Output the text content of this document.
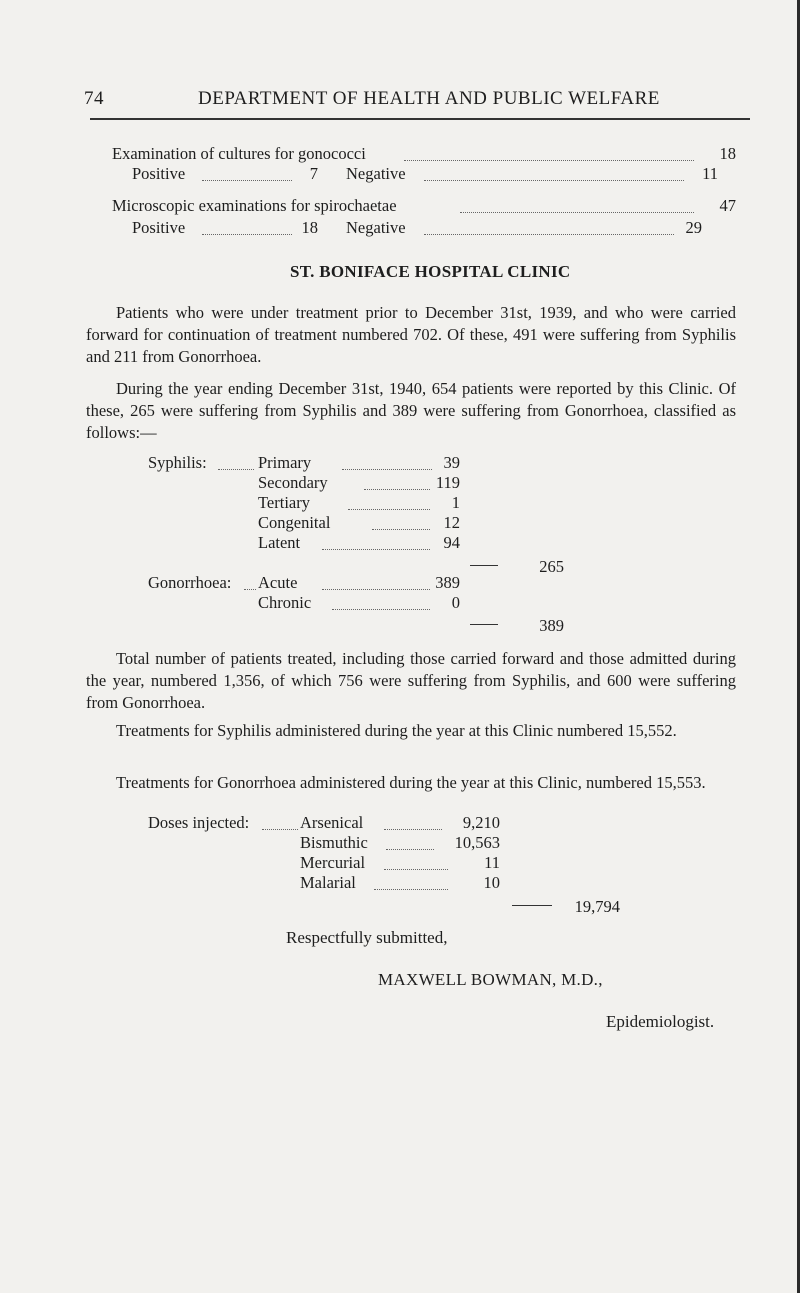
74	DEPARTMENT OF HEALTH AND PUBLIC WELFARE
Examination of cultures for gonococci	18
Positive	7 Negative	11
Microscopic examinations for spirochaetae	47
Positive	18 Negative	29
ST. BONIFACE HOSPITAL CLINIC
Patients who were under treatment prior to December 31st, 1939, and who were carried forward for continuation of treatment numbered 702. Of these, 491 were suffering from Syphilis and 211 from Gonorrhoea.
During the year ending December 31st, 1940, 654 patients were reported by this Clinic. Of these, 265 were suffering from Syphilis and 389 were suffering from Gonorrhoea, classified as follows:—
Syphilis:	Primary	39
Secondary	119
Tertiary	1
Congenital	12
Latent	94
265
Gonorrhoea: Acute	389
Chronic	0
389
Total number of patients treated, including those carried forward and those admitted during the year, numbered 1,356, of which 756 were suffering from Syphilis, and 600 were suffering from Gonorrhoea.
Treatments for Syphilis administered during the year at this Clinic numbered 15,552.
Treatments for Gonorrhoea administered during the year at this Clinic, numbered 15,553.
Doses injected:	Arsenical	9,210
Bismuthic	10,563
Mercurial	11
Malarial	10
19,794
Respectfully submitted,
MAXWELL BOWMAN, M.D.,
Epidemiologist.
